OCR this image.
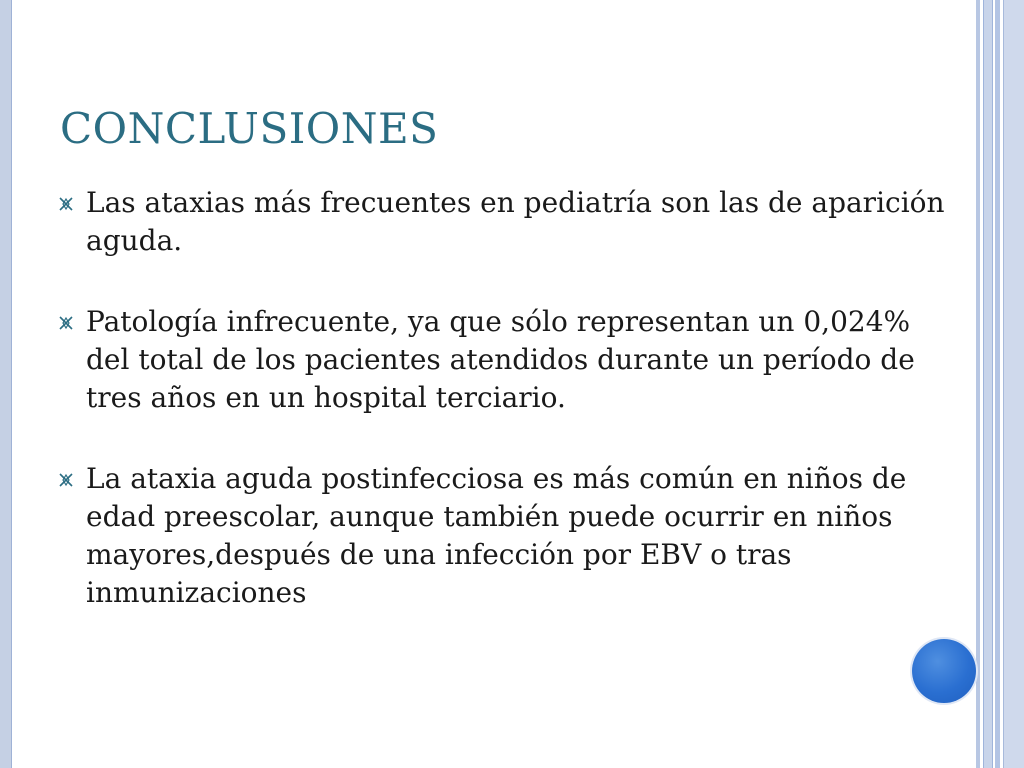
CONCLUSIONES
Las ataxias más frecuentes en pediatría son las de aparición aguda.
Patología infrecuente, ya que sólo representan un 0,024% del total de los pacientes atendidos durante un período de tres años en un hospital terciario.
La ataxia aguda postinfecciosa es más común en niños de edad preescolar, aunque también puede ocurrir en niños mayores,después de una infección por EBV o tras inmunizaciones
